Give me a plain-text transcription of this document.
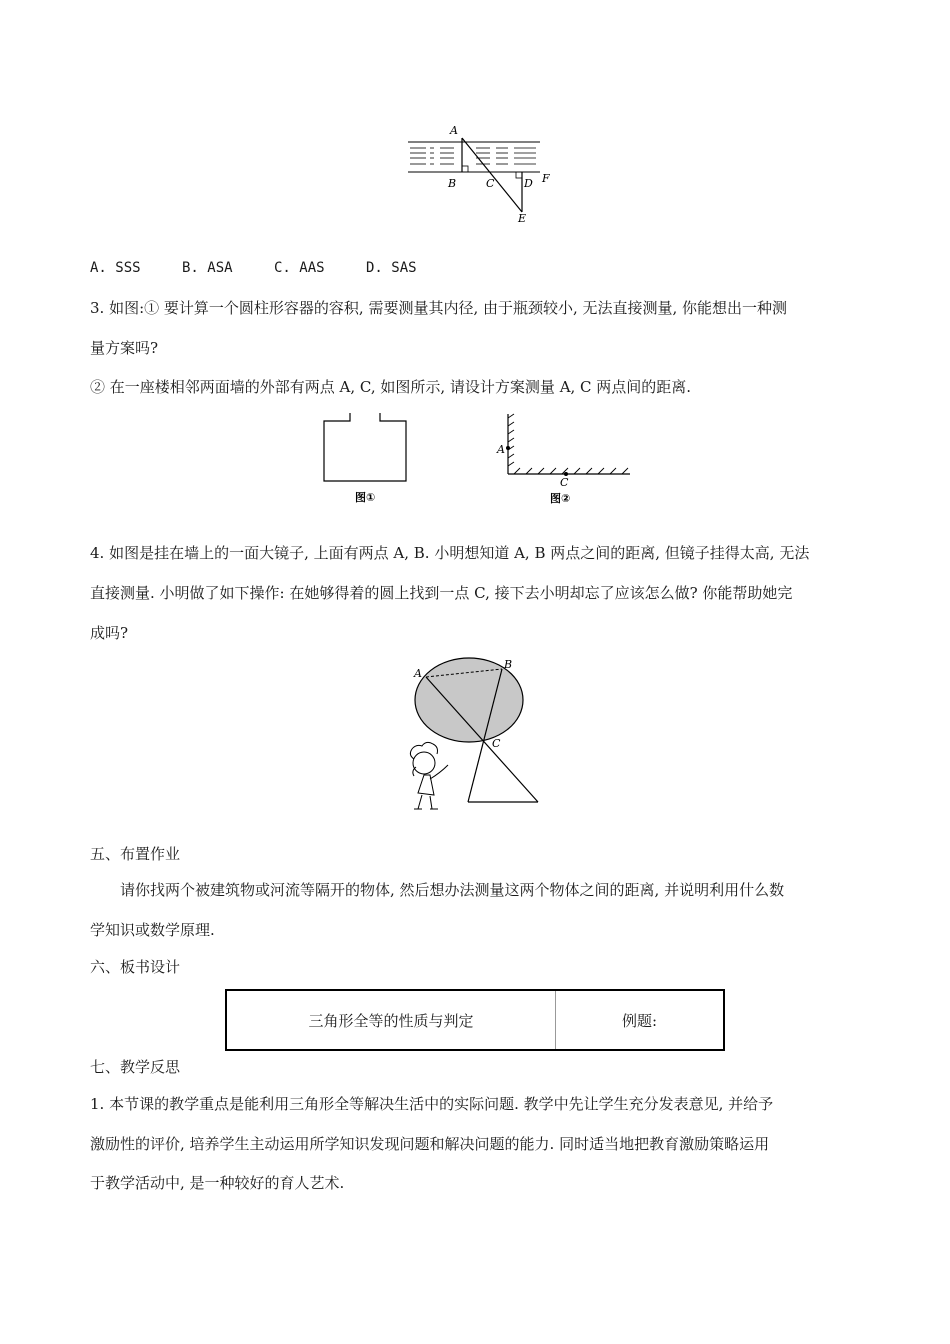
A
B	C	D F
E
A. SSS	B. ASA	C. AAS	D. SAS
3. 如图:① 要计算一个圆柱形容器的容积, 需要测量其内径, 由于瓶颈较小, 无法直接测量, 你能想出一种测
量方案吗?
② 在一座楼相邻两面墙的外部有两点 A, C, 如图所示, 请设计方案测量 A, C 两点间的距离.
图①
A
C
图②
4. 如图是挂在墙上的一面大镜子, 上面有两点 A, B. 小明想知道 A, B 两点之间的距离, 但镜子挂得太高, 无法
直接测量. 小明做了如下操作: 在她够得着的圆上找到一点 C, 接下去小明却忘了应该怎么做? 你能帮助她完
成吗?
A
B
C
五、布置作业
请你找两个被建筑物或河流等隔开的物体, 然后想办法测量这两个物体之间的距离, 并说明利用什么数
学知识或数学原理.
六、板书设计
三角形全等的性质与判定	例题:
七、教学反思
1. 本节课的教学重点是能利用三角形全等解决生活中的实际问题. 教学中先让学生充分发表意见, 并给予
激励性的评价, 培养学生主动运用所学知识发现问题和解决问题的能力. 同时适当地把教育激励策略运用
于教学活动中, 是一种较好的育人艺术.
